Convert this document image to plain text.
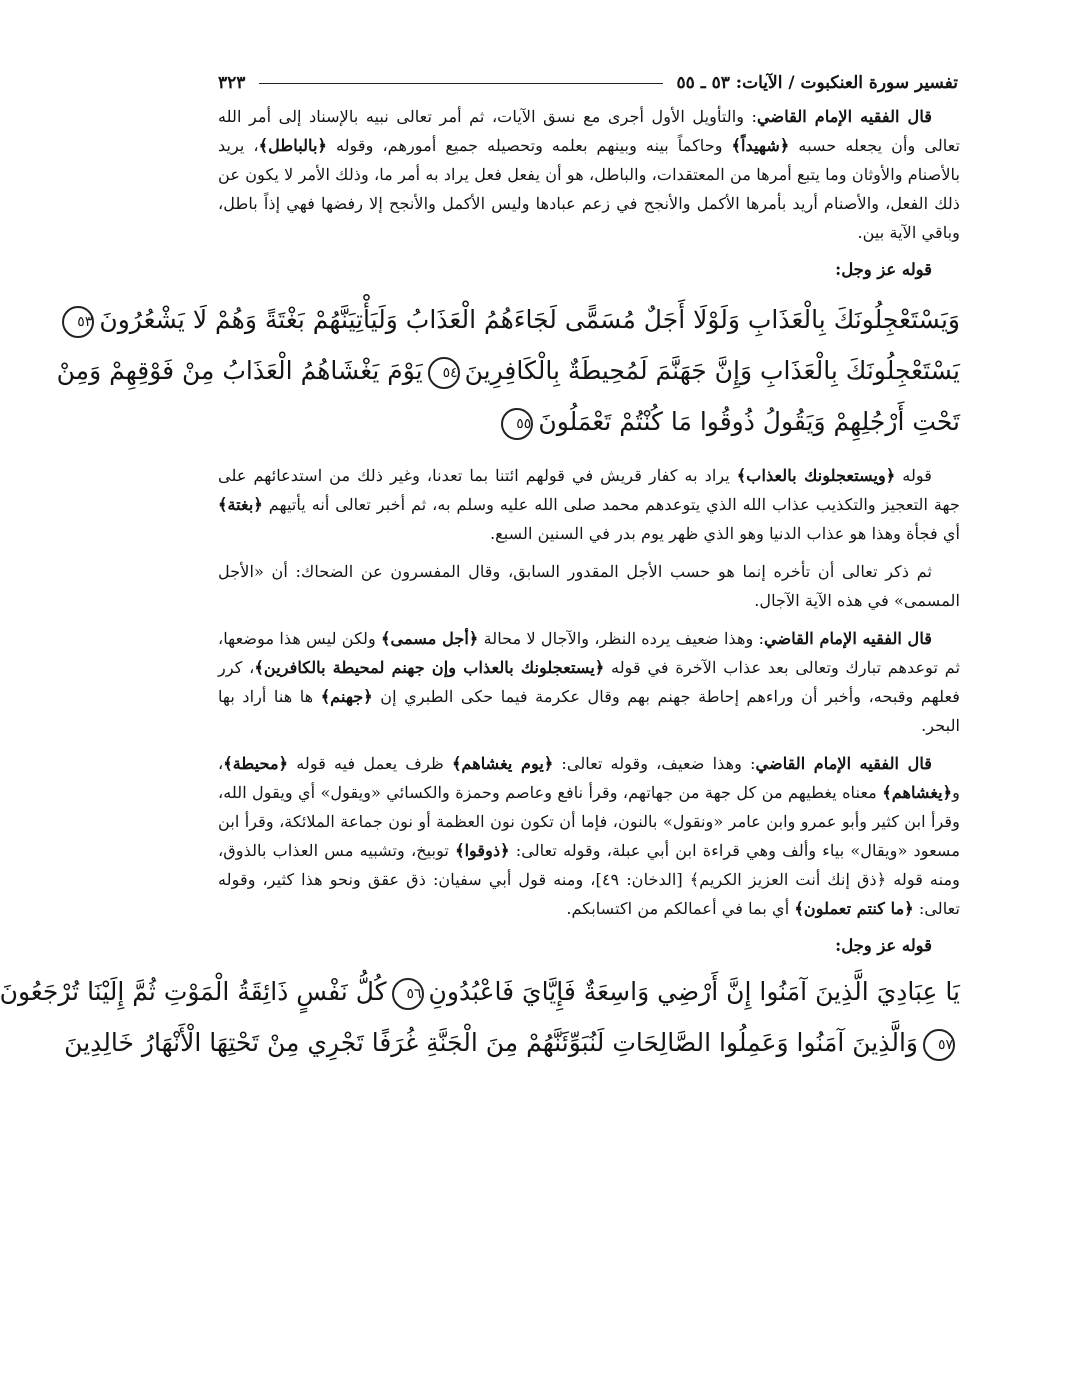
تفسير سورة العنكبوت / الآيات: ٥٣ ـ ٥٥
٣٢٣

قال الفقيه الإمام القاضي: والتأويل الأول أجرى مع نسق الآيات، ثم أمر تعالى نبيه بالإسناد إلى أمر الله تعالى وأن يجعله حسبه ﴿شهيداً﴾ وحاكماً بينه وبينهم بعلمه وتحصيله جميع أمورهم، وقوله ﴿بالباطل﴾، يريد بالأصنام والأوثان وما يتبع أمرها من المعتقدات، والباطل، هو أن يفعل فعل يراد به أمر ما، وذلك الأمر لا يكون عن ذلك الفعل، والأصنام أريد بأمرها الأكمل والأنجح في زعم عبادها وليس الأكمل والأنجح إلا رفضها فهي إذاً باطل، وباقي الآية بين.

قوله عز وجل:

وَيَسْتَعْجِلُونَكَ بِالْعَذَابِ وَلَوْلَا أَجَلٌ مُسَمًّى لَجَاءَهُمُ الْعَذَابُ وَلَيَأْتِيَنَّهُمْ بَغْتَةً وَهُمْ لَا يَشْعُرُونَ٥٣
يَسْتَعْجِلُونَكَ بِالْعَذَابِ وَإِنَّ جَهَنَّمَ لَمُحِيطَةٌ بِالْكَافِرِينَ٥٤يَوْمَ يَغْشَاهُمُ الْعَذَابُ مِنْ فَوْقِهِمْ وَمِنْ
تَحْتِ أَرْجُلِهِمْ وَيَقُولُ ذُوقُوا مَا كُنْتُمْ تَعْمَلُونَ٥٥

قوله ﴿ويستعجلونك بالعذاب﴾ يراد به كفار قريش في قولهم ائتنا بما تعدنا، وغير ذلك من استدعائهم على جهة التعجيز والتكذيب عذاب الله الذي يتوعدهم محمد صلى الله عليه وسلم به، ثم أخبر تعالى أنه يأتيهم ﴿بغتة﴾ أي فجأة وهذا هو عذاب الدنيا وهو الذي ظهر يوم بدر في السنين السبع.

ثم ذكر تعالى أن تأخره إنما هو حسب الأجل المقدور السابق، وقال المفسرون عن الضحاك: أن «الأجل المسمى» في هذه الآية الآجال.

قال الفقيه الإمام القاضي: وهذا ضعيف يرده النظر، والآجال لا محالة ﴿أجل مسمى﴾ ولكن ليس هذا موضعها، ثم توعدهم تبارك وتعالى بعد عذاب الآخرة في قوله ﴿يستعجلونك بالعذاب وإن جهنم لمحيطة بالكافرين﴾، كرر فعلهم وقبحه، وأخبر أن وراءهم إحاطة جهنم بهم وقال عكرمة فيما حكى الطبري إن ﴿جهنم﴾ ها هنا أراد بها البحر.

قال الفقيه الإمام القاضي: وهذا ضعيف، وقوله تعالى: ﴿يوم يغشاهم﴾ ظرف يعمل فيه قوله ﴿محيطة﴾، و﴿يغشاهم﴾ معناه يغطيهم من كل جهة من جهاتهم، وقرأ نافع وعاصم وحمزة والكسائي «ويقول» أي ويقول الله، وقرأ ابن كثير وأبو عمرو وابن عامر «ونقول» بالنون، فإما أن تكون نون العظمة أو نون جماعة الملائكة، وقرأ ابن مسعود «ويقال» بياء وألف وهي قراءة ابن أبي عبلة، وقوله تعالى: ﴿ذوقوا﴾ توبيخ، وتشبيه مس العذاب بالذوق، ومنه قوله ﴿ذق إنك أنت العزيز الكريم﴾ [الدخان: ٤٩]، ومنه قول أبي سفيان: ذق عقق ونحو هذا كثير، وقوله تعالى: ﴿ما كنتم تعملون﴾ أي بما في أعمالكم من اكتسابكم.

قوله عز وجل:

يَا عِبَادِيَ الَّذِينَ آمَنُوا إِنَّ أَرْضِي وَاسِعَةٌ فَإِيَّايَ فَاعْبُدُونِ٥٦كُلُّ نَفْسٍ ذَائِقَةُ الْمَوْتِ ثُمَّ إِلَيْنَا تُرْجَعُونَ
٥٧وَالَّذِينَ آمَنُوا وَعَمِلُوا الصَّالِحَاتِ لَنُبَوِّئَنَّهُمْ مِنَ الْجَنَّةِ غُرَفًا تَجْرِي مِنْ تَحْتِهَا الْأَنْهَارُ خَالِدِينَ
